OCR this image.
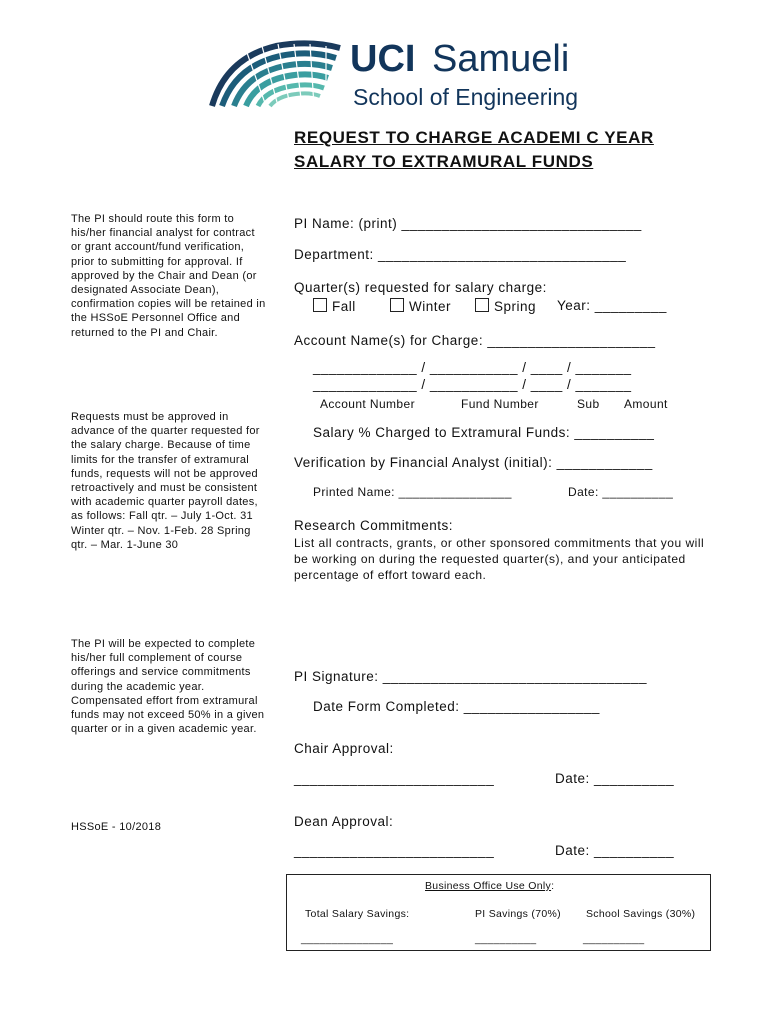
UCI Samueli
School of Engineering
REQUEST TO CHARGE ACADEMI C YEAR
SALARY TO EXTRAMURAL FUNDS
The PI should route this form to his/her financial analyst for contract or grant account/fund verification, prior to submitting for approval. If approved by the Chair and Dean (or designated Associate Dean), confirmation copies will be retained in the HSSoE Personnel Office and returned to the PI and Chair.
Requests must be approved in advance of the quarter requested for the salary charge. Because of time limits for the transfer of extramural funds, requests will not be approved retroactively and must be consistent with academic quarter payroll dates, as follows: Fall qtr. – July 1-Oct. 31 Winter qtr. – Nov. 1-Feb. 28 Spring qtr. – Mar. 1-June 30
The PI will be expected to complete his/her full complement of course offerings and service commitments during the academic year. Compensated effort from extramural funds may not exceed 50% in a given quarter or in a given academic year.
HSSoE - 10/2018
PI Name: (print) ______________________________
Department: _______________________________
Quarter(s) requested for salary charge:
Fall	Winter	Spring Year: _________
Account Name(s) for Charge: _____________________
_____________ / ___________ / ____ / _______
_____________ / ___________ / ____ / _______
Account Number	Fund Number	Sub Amount
Salary % Charged to Extramural Funds: __________
Verification by Financial Analyst (initial): ____________
Printed Name: ________________	Date: __________
Research Commitments:
List all contracts, grants, or other sponsored commitments that you will be working on during the requested quarter(s), and your anticipated percentage of effort toward each.
PI Signature: _________________________________
Date Form Completed: _________________
Chair Approval:
_________________________	Date: __________
Dean Approval:
_________________________	Date: __________
Business Office Use Only:
Total Salary Savings:	PI Savings (70%) School Savings (30%)
_______________	__________	__________
